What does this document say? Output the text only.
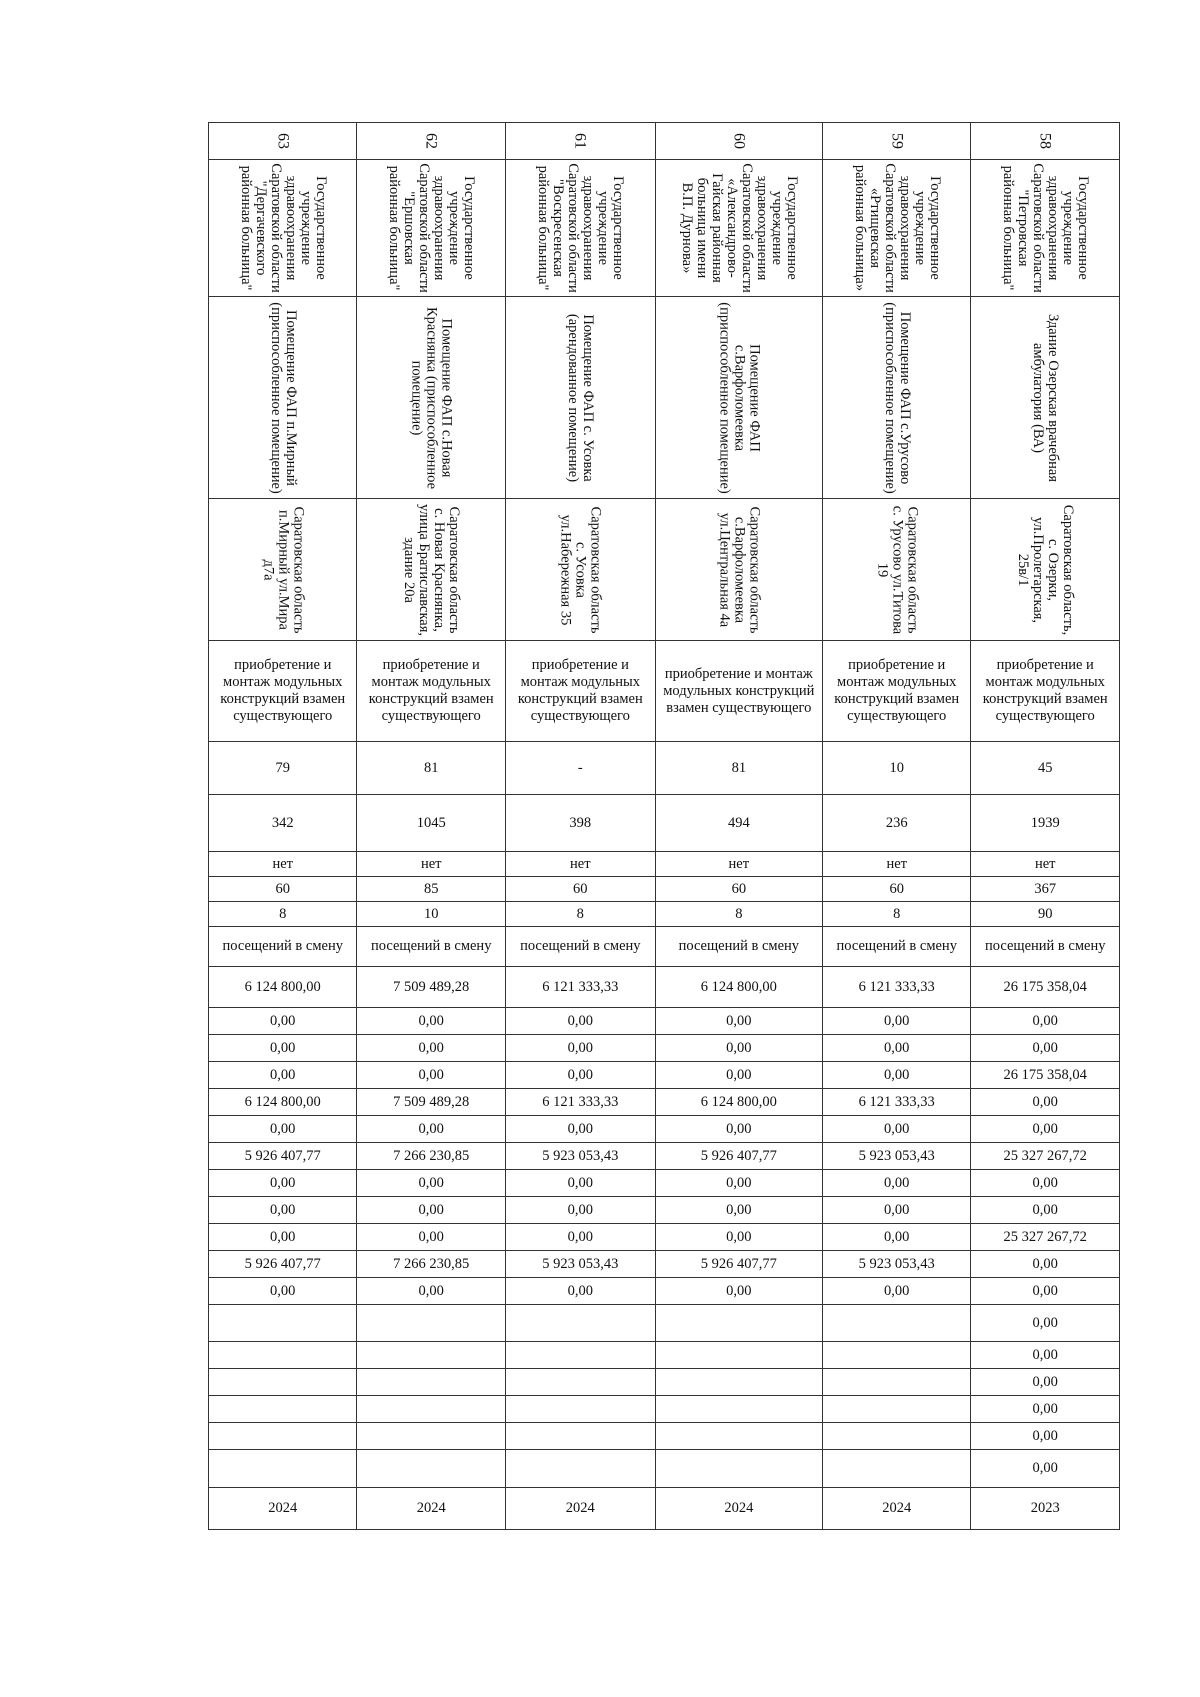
63	62	61	60	59	58

Государственное учреждение здравоохранения Саратовской области "Дергачевского районная больница"	Государственное учреждение здравоохранения Саратовской области "Ершовская районная больница"	Государственное учреждение здравоохранения Саратовской области "Воскресенская районная больница"	Государственное учреждение здравоохранения Саратовской области «Александрово-Гайская районная больница имени В.П. Дурнова»	Государственное учреждение здравоохранения Саратовской области «Ртищевская районная больница»	Государственное учреждение здравоохранения Саратовской области "Петровская районная больница"

Помещение ФАП п.Мирный (приспособленное помещение)	Помещение ФАП с.Новая Краснянка (приспособленное помещение)	Помещение ФАП с. Усовка (арендованное помещение)	Помещение ФАП с.Варфоломеевка (приспособленное помещение)	Помещение ФАП с.Урусово (приспособленное помещение)	Здание Озерская врачебная амбулатория (ВА)

Саратовская область п.Мирный ул.Мира д7а	Саратовская область с. Новая Краснянка, улица Братиславская, здание 20а	Саратовская область с. Усовка ул.Набережная 35	Саратовская область с.Варфоломеевка ул.Центральная 4а	Саратовская область с. Урусово ул.Титова 19	Саратовская область, с. Озерки, ул.Пролетарская, 25в/1

приобретение и монтаж модульных конструкций взамен существующего	приобретение и монтаж модульных конструкций взамен существующего	приобретение и монтаж модульных конструкций взамен существующего	приобретение и монтаж модульных конструкций взамен существующего	приобретение и монтаж модульных конструкций взамен существующего	приобретение и монтаж модульных конструкций взамен существующего

79	81	-	81	10	45

342	1045	398	494	236	1939

нет	нет	нет	нет	нет	нет

60	85	60	60	60	367

8	10	8	8	8	90

посещений в смену	посещений в смену	посещений в смену	посещений в смену	посещений в смену	посещений в смену

6 124 800,00	7 509 489,28	6 121 333,33	6 124 800,00	6 121 333,33	26 175 358,04

0,00	0,00	0,00	0,00	0,00	0,00

0,00	0,00	0,00	0,00	0,00	0,00

0,00	0,00	0,00	0,00	0,00	26 175 358,04

6 124 800,00	7 509 489,28	6 121 333,33	6 124 800,00	6 121 333,33	0,00

0,00	0,00	0,00	0,00	0,00	0,00

5 926 407,77	7 266 230,85	5 923 053,43	5 926 407,77	5 923 053,43	25 327 267,72

0,00	0,00	0,00	0,00	0,00	0,00

0,00	0,00	0,00	0,00	0,00	0,00

0,00	0,00	0,00	0,00	0,00	25 327 267,72

5 926 407,77	7 266 230,85	5 923 053,43	5 926 407,77	5 923 053,43	0,00

0,00	0,00	0,00	0,00	0,00	0,00

					0,00

					0,00

					0,00

					0,00

					0,00

					0,00

2024	2024	2024	2024	2024	2023
